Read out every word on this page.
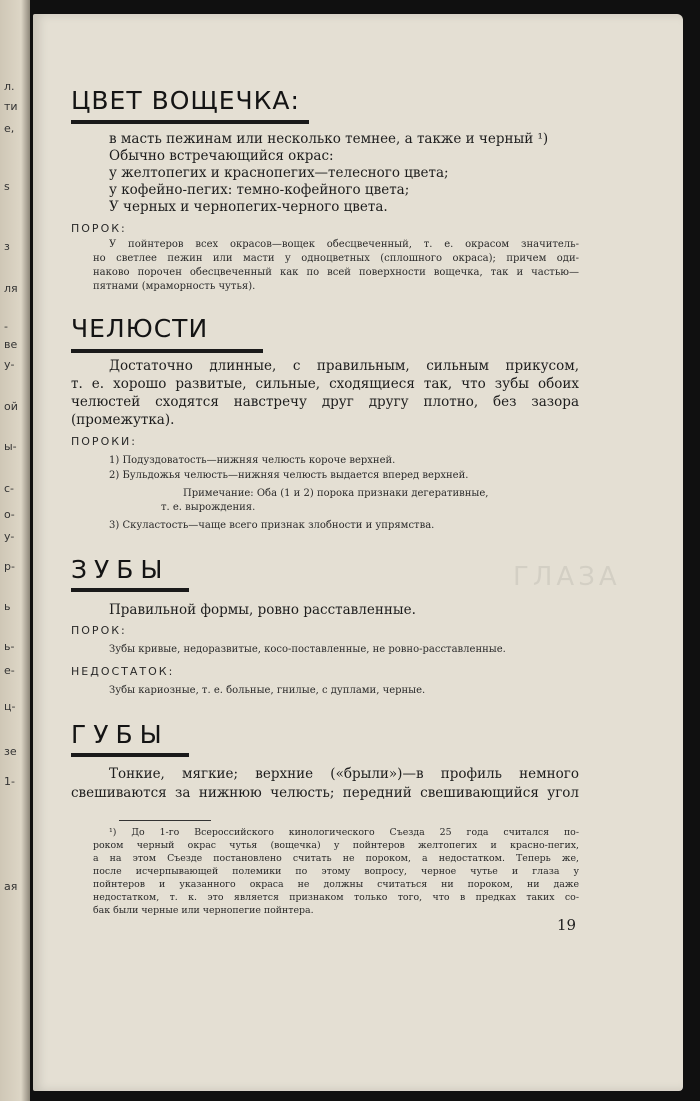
л.
ти
е,
s
з
ля
-
ве
у-
ой
ы-
с-
о-
y-
р-
ь
ь-
e-
ц-
зе
1-
ая
ГЛАЗА
ЦВЕТ ВОЩЕЧКА:
в масть пежинам или несколько темнее, а также и черный ¹)
Обычно встречающийся окрас:
у желтопегих и краснопегих—телесного цвета;
у кофейно-пегих: темно-кофейного цвета;
У черных и чернопегих-черного цвета.
ПОРОК:
У пойнтеров всех окрасов—вощек обесцвеченный, т. е. окрасом значитель-
но светлее пежин или масти у одноцветных (сплошного окраса); причем оди-
наково порочен обесцвеченный как по всей поверхности вощечка, так и частью—
пятнами (мраморность чутья).
ЧЕЛЮСТИ
Достаточно длинные, с правильным, сильным прикусом,
т. е. хорошо развитые, сильные, сходящиеся так, что зубы обоих
челюстей сходятся навстречу друг другу плотно, без зазора
(промежутка).
ПОРОКИ:
1) Подуздоватость—нижняя челюсть короче верхней.
2) Бульдожья челюсть—нижняя челюсть выдается вперед верхней.
Примечание: Оба (1 и 2) порока признаки дегеративные,
т. е. вырождения.
3) Скуластость—чаще всего признак злобности и упрямства.
ЗУБЫ
Правильной формы, ровно расставленные.
ПОРОК:
Зубы кривые, недоразвитые, косо-поставленные, не ровно-расставленные.
НЕДОСТАТОК:
Зубы кариозные, т. е. больные, гнилые, с дуплами, черные.
ГУБЫ
Тонкие, мягкие; верхние («брыли»)—в профиль немного
свешиваются за нижнюю челюсть; передний свешивающийся угол
¹) До 1-го Всероссийского кинологического Съезда 25 года считался по-
роком черный окрас чутья (вощечка) у пойнтеров желтопегих и красно-пегих,
а на этом Съезде постановлено считать не пороком, а недостатком. Теперь же,
после исчерпывающей полемики по этому вопросу, черное чутье и глаза у
пойнтеров и указанного окраса не должны считаться ни пороком, ни даже
недостатком, т. к. это является признаком только того, что в предках таких со-
бак были черные или чернопегие пойнтера.
19
